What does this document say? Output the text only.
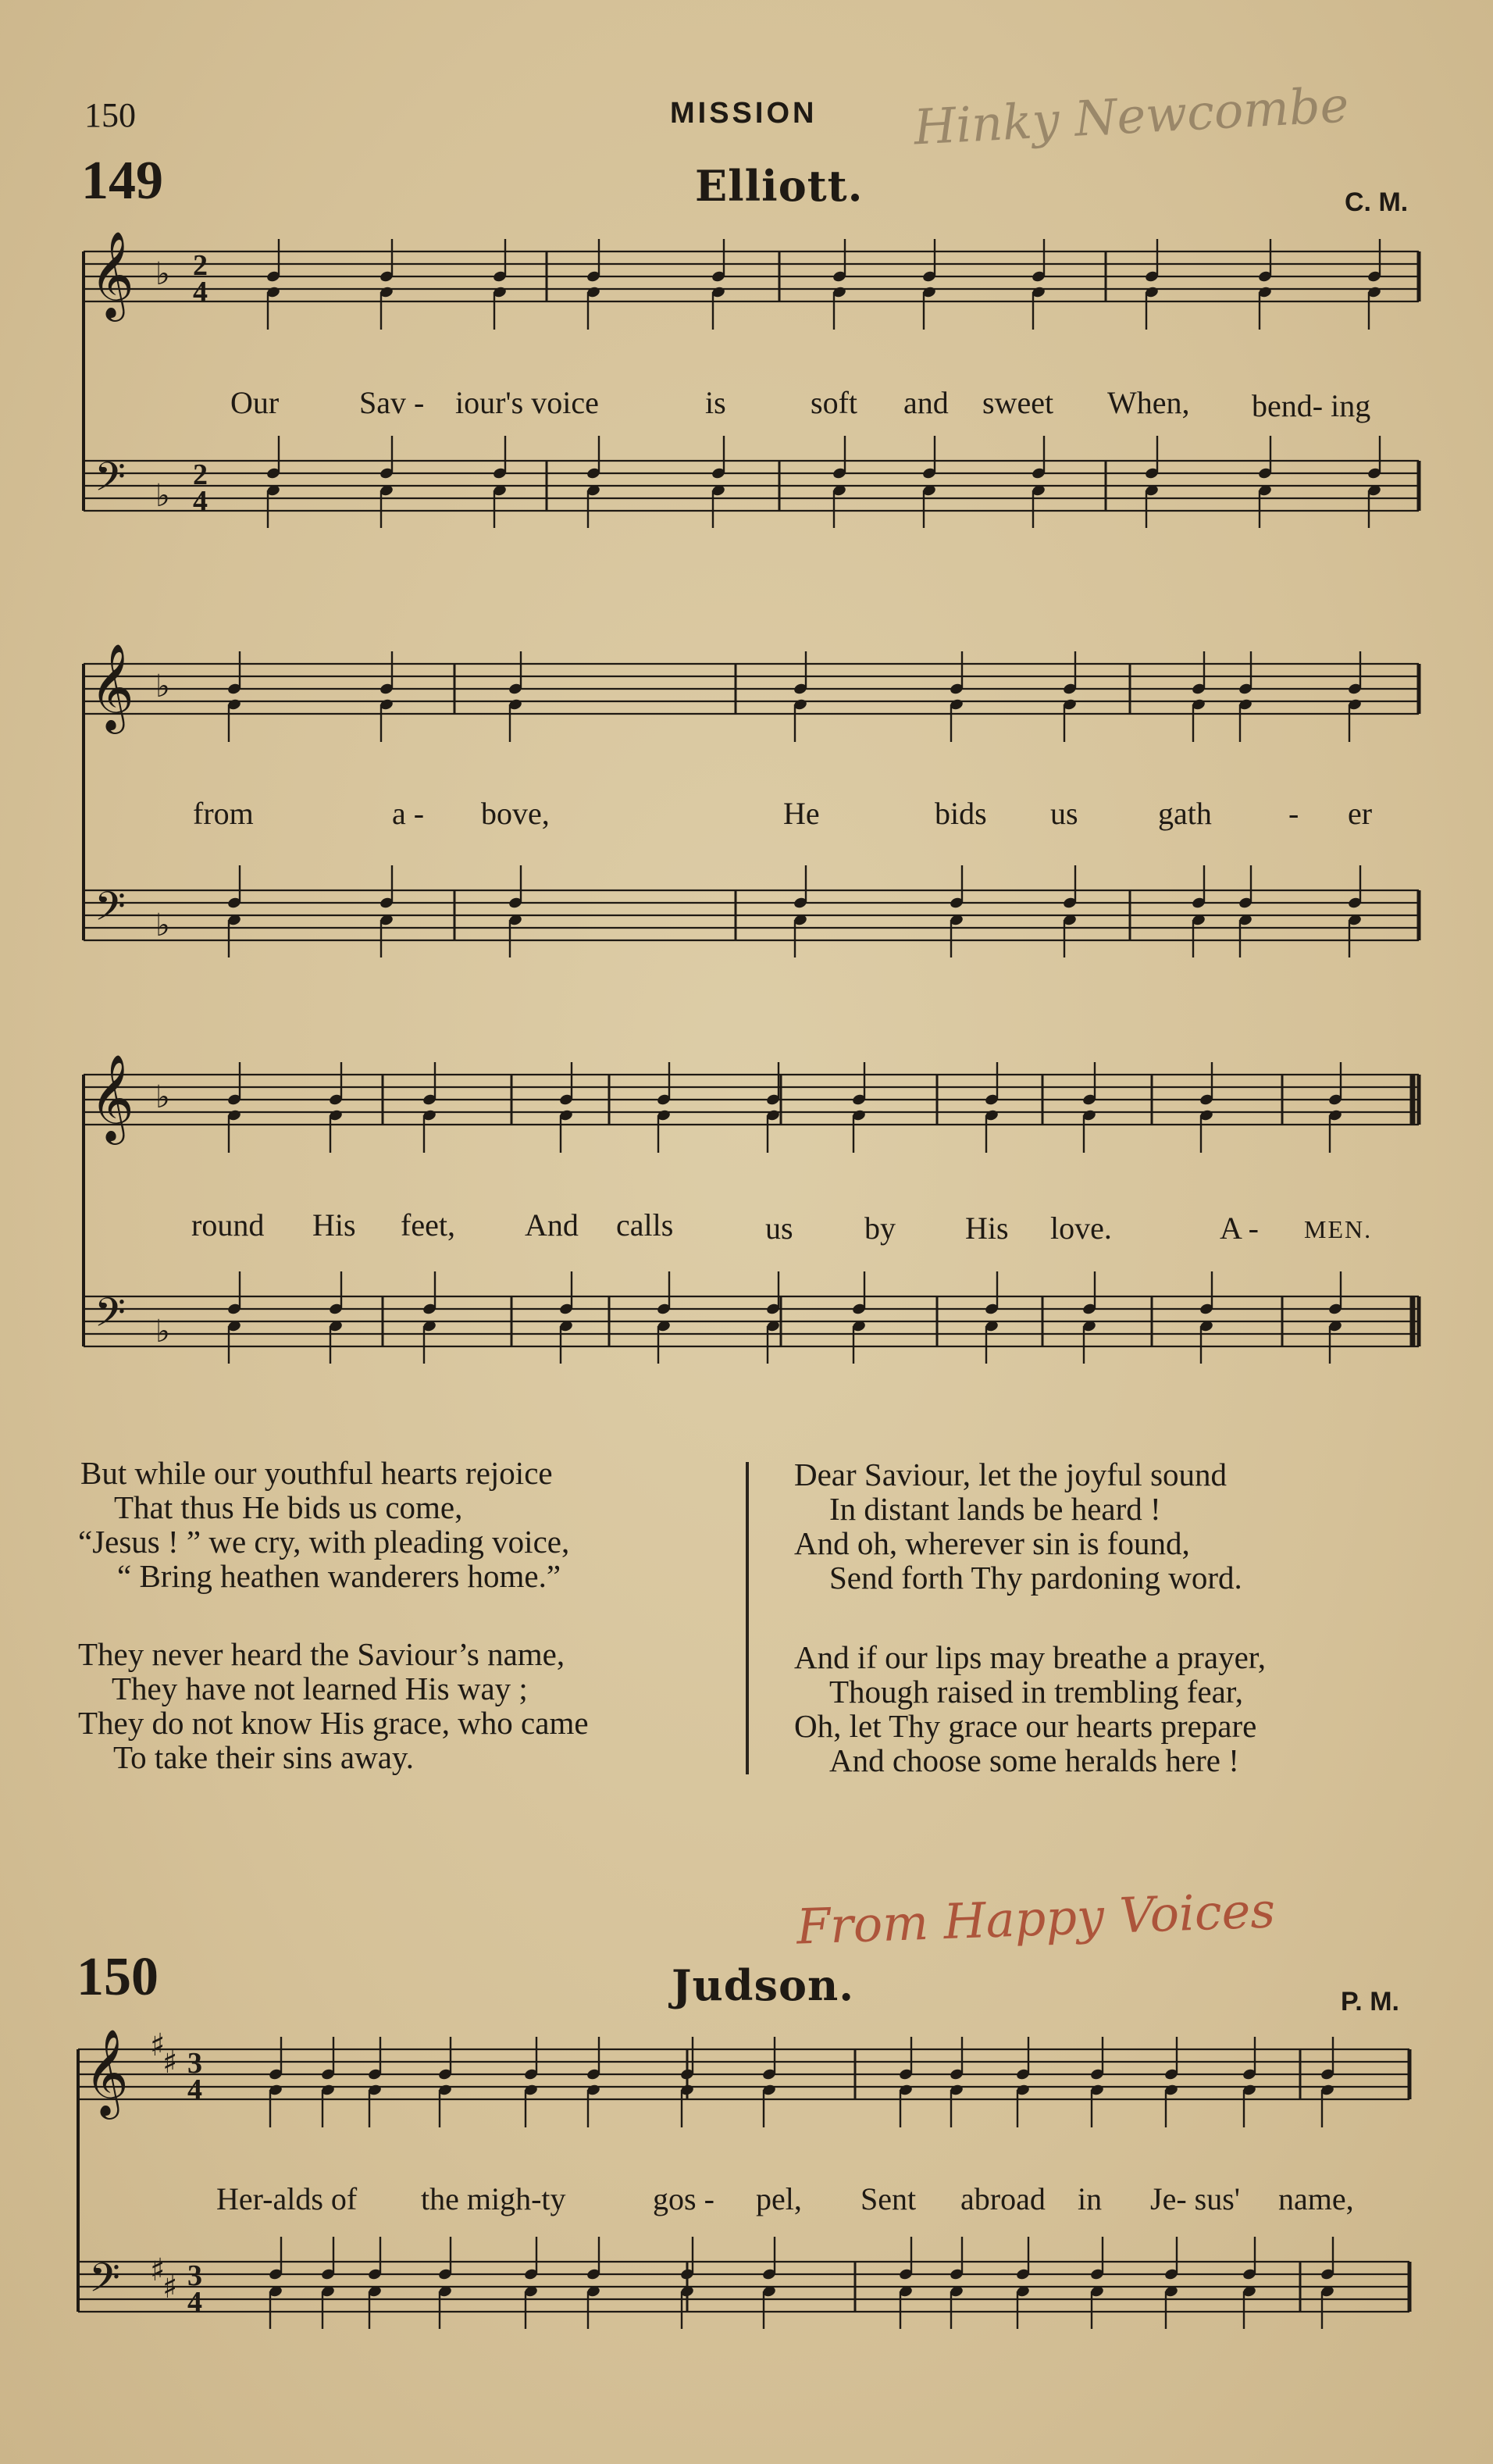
150	MISSION Hinky Newcombe
149	Elliott.	C. M.
𝄞
𝄢
♭
♭
2
4
2
4
𝄞
𝄢
♭
♭
𝄞
𝄢
♭
♭
𝄞
𝄢
♯
♯
♯
♯
3
4
3
4
Our	Sav - iour's voice	is	soft and sweet When, bend- ing
from	a - bove,	He	bids us	gath - er
round His feet, And calls	us by His love.	A - MEN.
But while our youthful hearts rejoice
That thus He bids us come,
“Jesus ! ” we cry, with pleading voice,
“ Bring heathen wanderers home.”
They never heard the Saviour’s name,
They have not learned His way ;
They do not know His grace, who came
To take their sins away.
Dear Saviour, let the joyful sound
In distant lands be heard !
And oh, wherever sin is found,
Send forth Thy pardoning word.
And if our lips may breathe a prayer,
Though raised in trembling fear,
Oh, let Thy grace our hearts prepare
And choose some heralds here !
From Happy Voices
150	Judson.	P. M.
Her-alds of the migh-ty	gos - pel, Sent abroad in Je- sus' name,
